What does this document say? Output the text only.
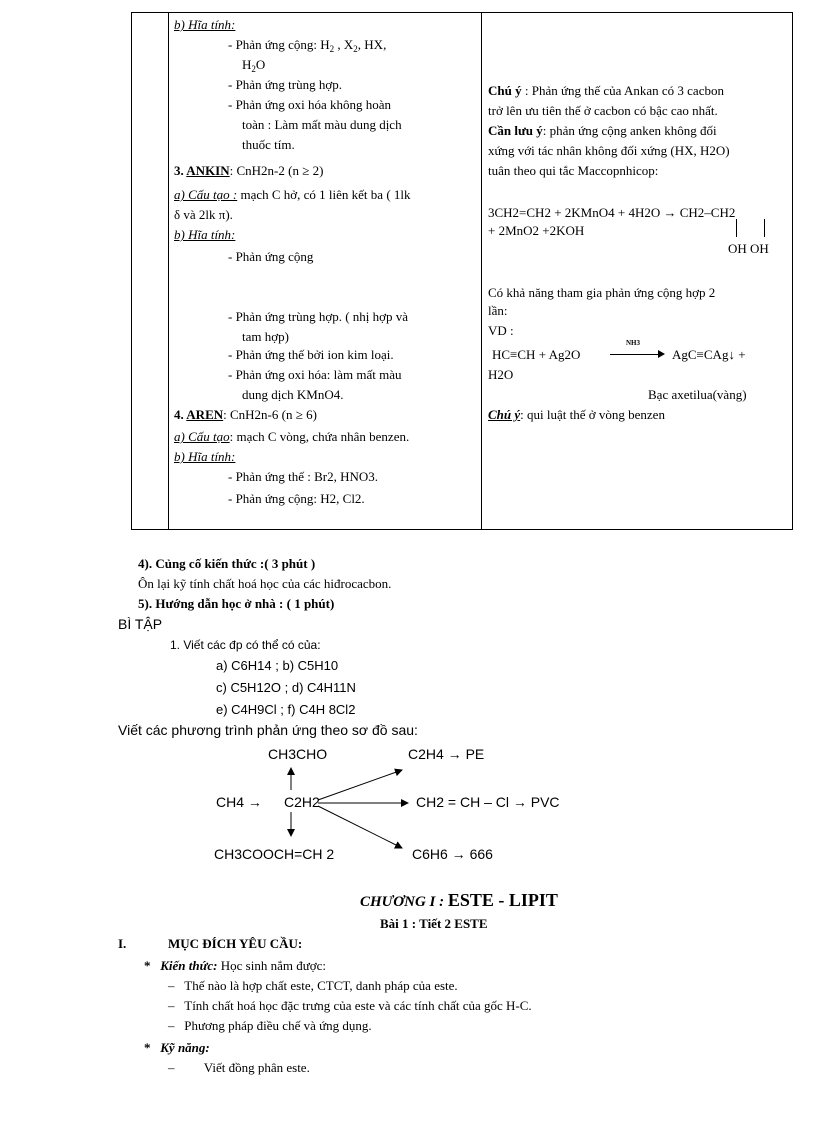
b) Hĩa tính:
- Phản ứng cộng: $H_2$ , $X_2$, HX,
$H_2O$
- Phản ứng trùng hợp.
- Phản ứng oxi hóa không hoàn
toàn : Làm mất màu dung dịch
thuốc tím.
3. ANKIN: CnH2n-2 (n ≥ 2)
a) Cấu tạo : mạch C hở, có 1 liên kết ba ( 1lk
δ và 2lk π).
b) Hĩa tính:
- Phản ứng cộng
- Phản ứng trùng hợp. ( nhị hợp và
tam hợp)
- Phản ứng thế bởi ion kim loại.
- Phản ứng oxi hóa: làm mất màu
dung dịch KMnO4.
4. AREN: CnH2n-6 (n ≥ 6)
a) Cấu tạo: mạch C vòng, chứa nhân benzen.
b) Hĩa tính:
- Phản ứng thế : Br2, HNO3.
- Phản ứng cộng: H2, Cl2.
Chú ý : Phản ứng thế của Ankan có 3 cacbon
trở lên ưu tiên thế ở cacbon có bậc cao nhất.
Cần lưu ý: phản ứng cộng anken không đối
xứng với tác nhân không đối xứng (HX, H2O)
tuân theo qui tắc Maccopnhicop:
3CH2=CH2 + 2KMnO4 + 4H2O → CH2–CH2
+ 2MnO2 +2KOH
OH OH
Có khả năng tham gia phản ứng cộng hợp 2
lần:
VD :
HC≡CH + Ag2O
NH3
AgC≡CAg↓ +
H2O
Bạc axetilua(vàng)
Chú ý: qui luật thế ở vòng benzen
4). Củng cố kiến thức :( 3 phút )
Ôn lại kỹ tính chất hoá học của các hiđrocacbon.
5). Hướng dẫn học ở nhà : ( 1 phút)
BÌ TẬP
1. Viết các đp có thể có của:
a) C6H14 ; b) C5H10
c) C5H12O ; d) C4H11N
e) C4H9Cl ; f) C4H 8Cl2
Viết các phương trình phản ứng theo sơ đồ sau:
CH3CHO	C2H4 → PE
CH4 → C2H2	CH2 = CH – Cl → PVC
CH3COOCH=CH 2	C6H6 → 666
CHƯƠNG I : ESTE - LIPIT
Bài 1 : Tiết 2 ESTE
I.	MỤC ĐÍCH YÊU CẦU:
*   Kiến thức: Học sinh nắm được:
–   Thế nào là hợp chất este, CTCT, danh pháp của este.
–   Tính chất hoá học đặc trưng của este và các tính chất của gốc H-C.
–   Phương pháp điều chế và ứng dụng.
*   Kỹ năng:
–         Viết đồng phân este.
